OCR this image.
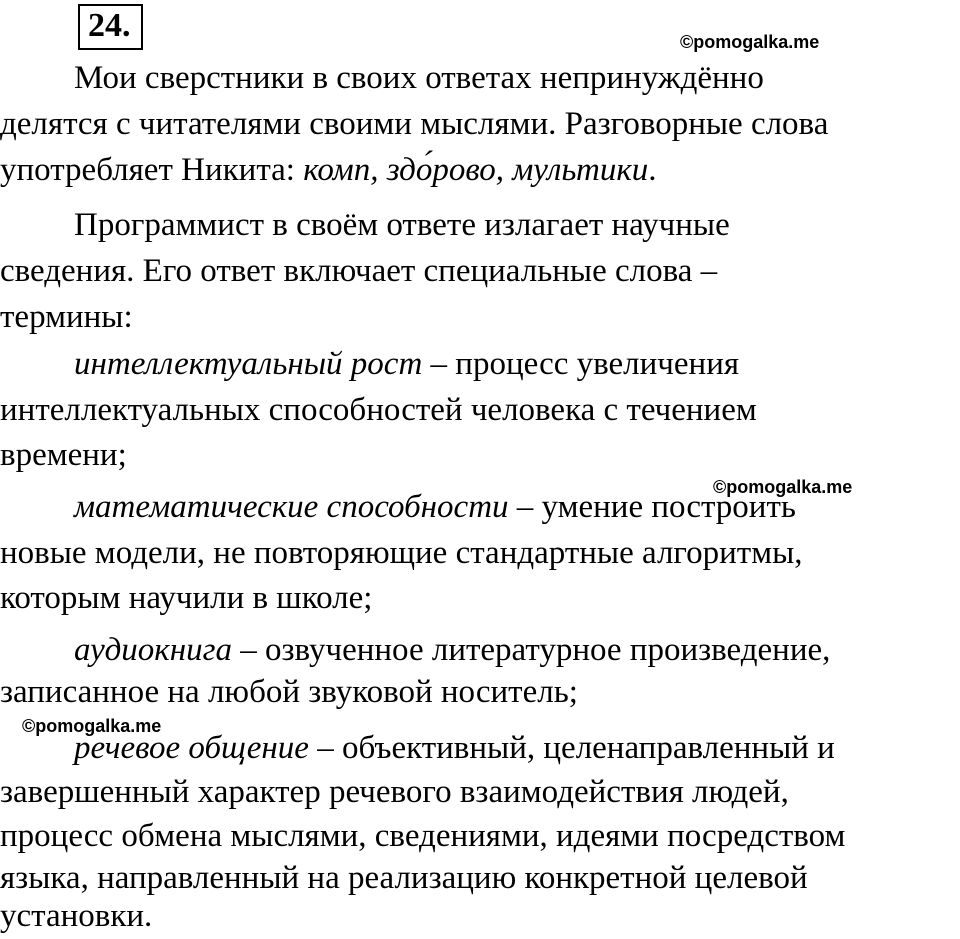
24.	©pomogalka.me
©pomogalka.me
©pomogalka.me
Мои сверстники в своих ответах непринуждённо
делятся с читателями своими мыслями. Разговорные слова
употребляет Никита: комп, здо́рово, мультики.
Программист в своём ответе излагает научные
сведения. Его ответ включает специальные слова –
термины:
интеллектуальный рост – процесс увеличения
интеллектуальных способностей человека с течением
времени;
математические способности – умение построить
новые модели, не повторяющие стандартные алгоритмы,
которым научили в школе;
аудиокнига – озвученное литературное произведение,
записанное на любой звуковой носитель;
речевое общение – объективный, целенаправленный и
завершенный характер речевого взаимодействия людей,
процесс обмена мыслями, сведениями, идеями посредством
языка, направленный на реализацию конкретной целевой
установки.
